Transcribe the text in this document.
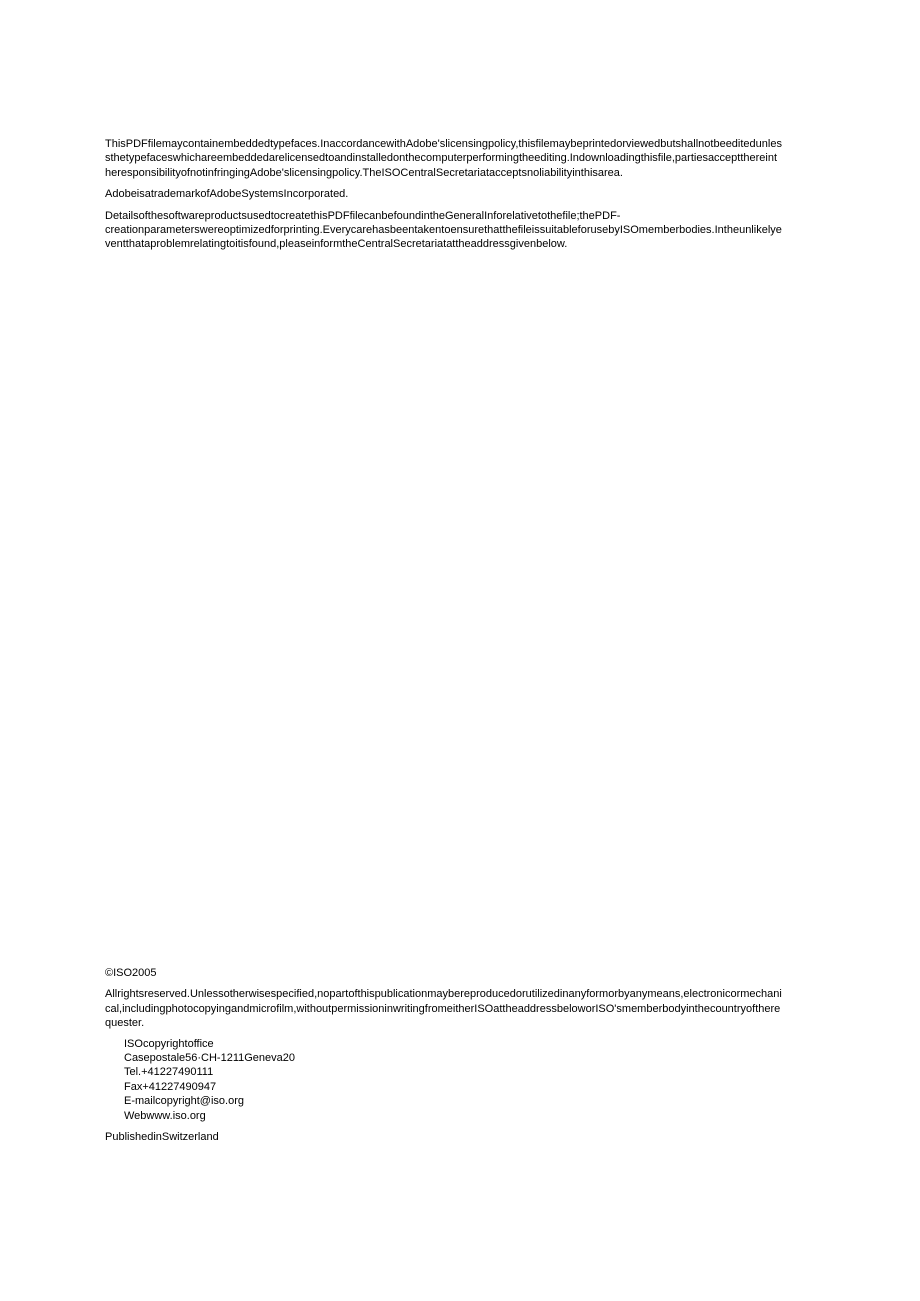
ThisPDFfilemaycontainembeddedtypefaces.InaccordancewithAdobe'slicensingpolicy,thisfilemaybeprintedorviewedbutshallnotbeeditedunles
sthetypefaceswhichareembeddedarelicensedtoandinstalledonthecomputerperformingtheediting.Indownloadingthisfile,partiesacceptthereint
heresponsibilityofnotinfringingAdobe'slicensingpolicy.TheISOCentralSecretariatacceptsnoliabilityinthisarea.

AdobeisatrademarkofAdobeSystemsIncorporated.

DetailsofthesoftwareproductsusedtocreatethisPDFfilecanbefoundintheGeneralInforelativetothefile;thePDF-
creationparameterswereoptimizedforprinting.EverycarehasbeentakentoensurethatthefileissuitableforusebyISOmemberbodies.Intheunlikelye
ventthataproblemrelatingtoitisfound,pleaseinformtheCentralSecretariatattheaddressgivenbelow.

©ISO2005

Allrightsreserved.Unlessotherwisespecified,nopartofthispublicationmaybereproducedorutilizedinanyformorbyanymeans,electronicormechani
cal,includingphotocopyingandmicrofilm,withoutpermissioninwritingfromeitherISOattheaddressbeloworISO'smemberbodyinthecountryofthere
quester.

ISOcopyrightoffice
Casepostale56·CH-1211Geneva20
Tel.+41227490111
Fax+41227490947
E-mailcopyright@iso.org
Webwww.iso.org

PublishedinSwitzerland
